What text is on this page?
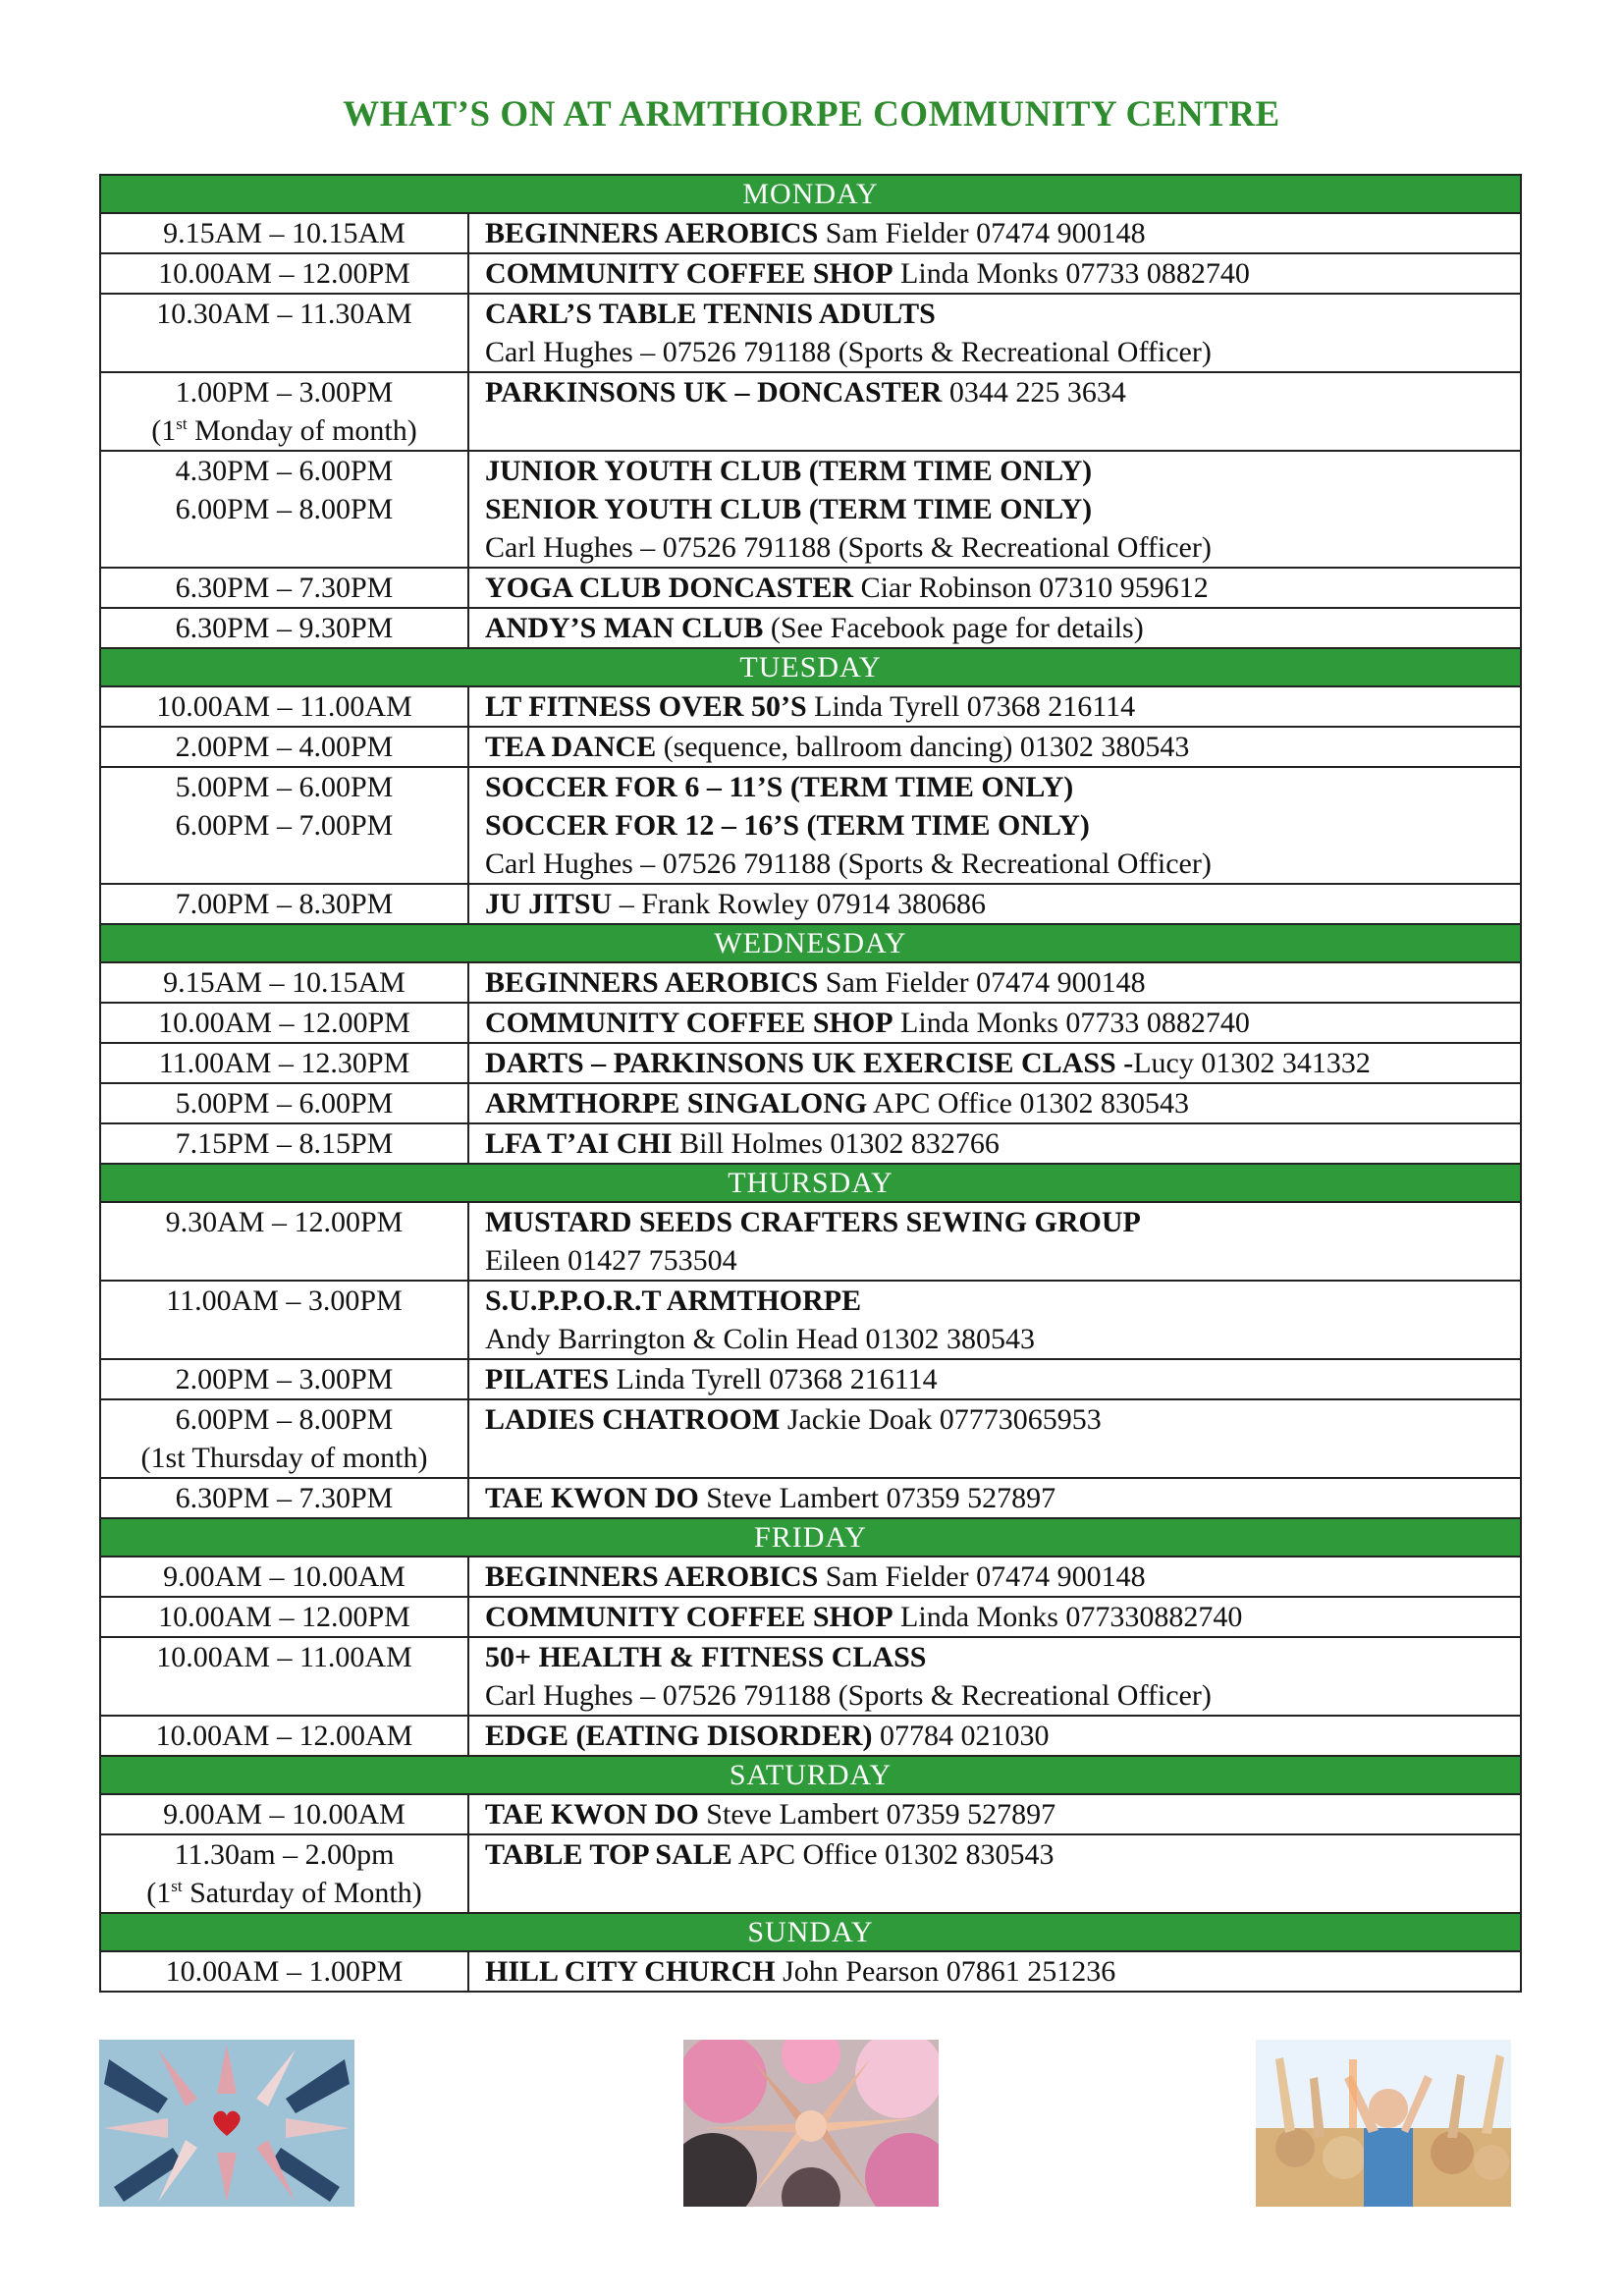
WHAT’S ON AT ARMTHORPE COMMUNITY CENTRE
MONDAY	
9.15AM – 10.15AM	BEGINNERS AEROBICS Sam Fielder 07474 900148
10.00AM – 12.00PM	COMMUNITY COFFEE SHOP Linda Monks 07733 0882740
10.30AM – 11.30AM	CARL’S TABLE TENNIS ADULTS
Carl Hughes – 07526 791188 (Sports & Recreational Officer)

1.00PM – 3.00PM
(1st Monday of month)	PARKINSONS UK – DONCASTER 0344 225 3634

4.30PM – 6.00PM
6.00PM – 8.00PM	JUNIOR YOUTH CLUB (TERM TIME ONLY)
SENIOR YOUTH CLUB (TERM TIME ONLY)
Carl Hughes – 07526 791188 (Sports & Recreational Officer)

6.30PM – 7.30PM	YOGA CLUB DONCASTER Ciar Robinson 07310 959612
6.30PM – 9.30PM	ANDY’S MAN CLUB (See Facebook page for details)
TUESDAY	
10.00AM – 11.00AM	LT FITNESS OVER 50’S Linda Tyrell 07368 216114
2.00PM – 4.00PM	TEA DANCE (sequence, ballroom dancing) 01302 380543

5.00PM – 6.00PM
6.00PM – 7.00PM	SOCCER FOR 6 – 11’S (TERM TIME ONLY)
SOCCER FOR 12 – 16’S (TERM TIME ONLY)
Carl Hughes – 07526 791188 (Sports & Recreational Officer)

7.00PM – 8.30PM	JU JITSU – Frank Rowley 07914 380686
WEDNESDAY	
9.15AM – 10.15AM	BEGINNERS AEROBICS Sam Fielder 07474 900148
10.00AM – 12.00PM	COMMUNITY COFFEE SHOP Linda Monks 07733 0882740
11.00AM – 12.30PM	DARTS – PARKINSONS UK EXERCISE CLASS -Lucy 01302 341332
5.00PM – 6.00PM	ARMTHORPE SINGALONG APC Office 01302 830543
7.15PM – 8.15PM	LFA T’AI CHI Bill Holmes 01302 832766
THURSDAY	
9.30AM – 12.00PM	MUSTARD SEEDS CRAFTERS SEWING GROUP
Eileen 01427 753504

11.00AM – 3.00PM	S.U.P.P.O.R.T ARMTHORPE
Andy Barrington & Colin Head 01302 380543

2.00PM – 3.00PM	PILATES Linda Tyrell 07368 216114

6.00PM – 8.00PM
(1st Thursday of month)	LADIES CHATROOM Jackie Doak 07773065953
6.30PM – 7.30PM	TAE KWON DO Steve Lambert 07359 527897
FRIDAY	
9.00AM – 10.00AM	BEGINNERS AEROBICS Sam Fielder 07474 900148
10.00AM – 12.00PM	COMMUNITY COFFEE SHOP Linda Monks 077330882740
10.00AM – 11.00AM	50+ HEALTH & FITNESS CLASS
Carl Hughes – 07526 791188 (Sports & Recreational Officer)

10.00AM – 12.00AM	EDGE (EATING DISORDER) 07784 021030
SATURDAY	
9.00AM – 10.00AM	TAE KWON DO Steve Lambert 07359 527897

11.30am – 2.00pm
(1st Saturday of Month)	TABLE TOP SALE APC Office 01302 830543
SUNDAY	
10.00AM – 1.00PM	HILL CITY CHURCH John Pearson 07861 251236
